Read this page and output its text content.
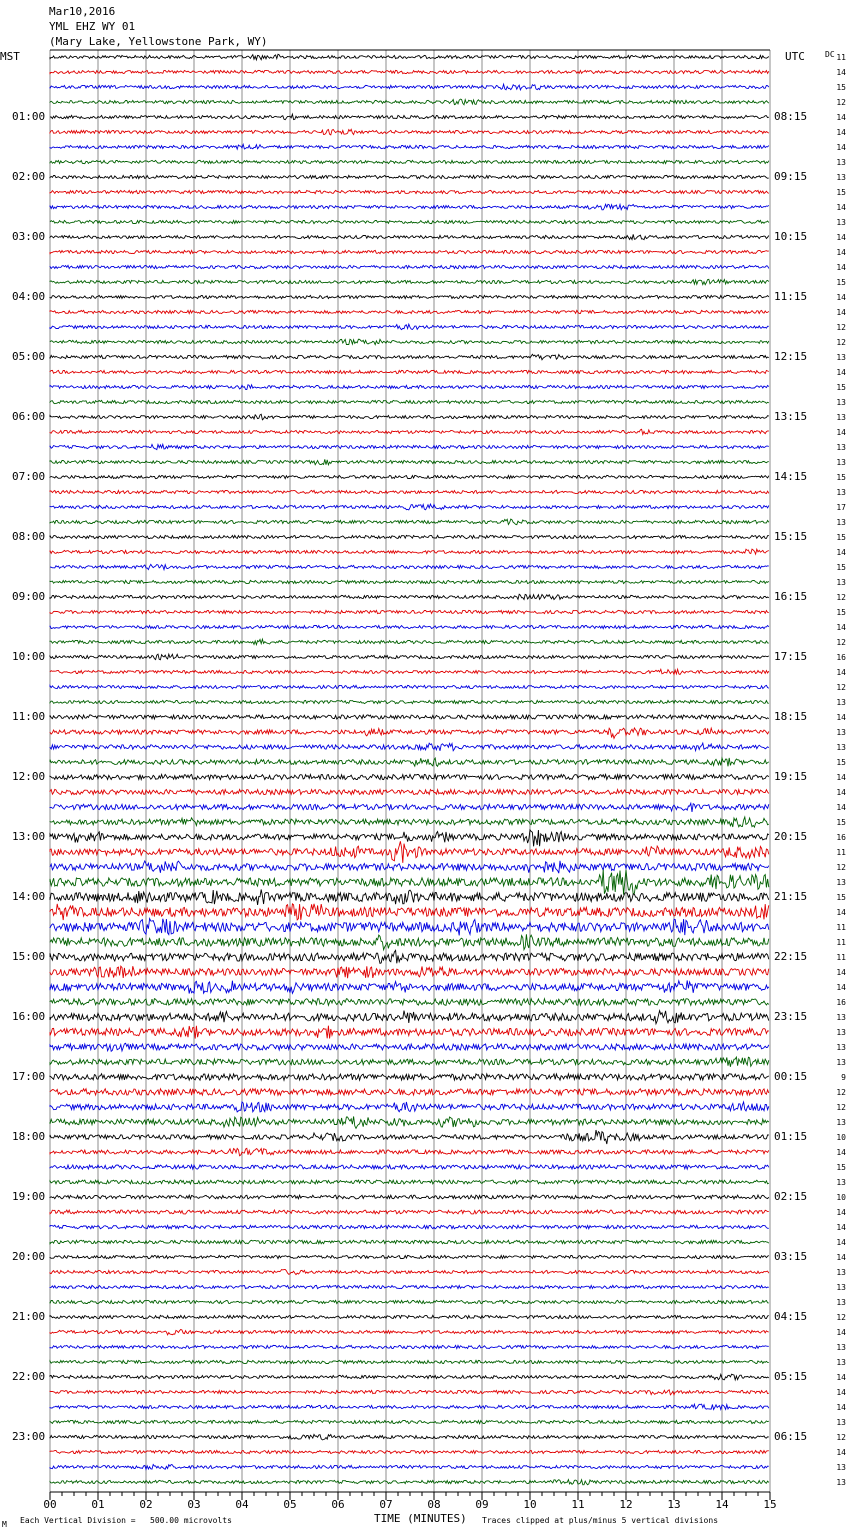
Mar10,2016
YML EHZ WY 01
(Mary Lake, Yellowstone Park, WY)
MST	UTC	DC
00	01	02	03	04	05	06	07	08	09	10	11	12	13	14	15
01:00
02:00
03:00
04:00
05:00
06:00
07:00
08:00
09:00
10:00
11:00
12:00
13:00
14:00
15:00
16:00
17:00
18:00
19:00
20:00
21:00
22:00
23:00
08:15
09:15
10:15
11:15
12:15
13:15
14:15
15:15
16:15
17:15
18:15
19:15
20:15
21:15
22:15
23:15
00:15
01:15
02:15
03:15
04:15
05:15
06:15
11
14
15
12
14
14
14
13
13
15
14
13
14
14
14
15
14
14
12
12
13
14
15
13
13
14
13
13
15
13
17
13
15
14
15
13
12
15
14
12
16
14
12
13
14
13
13
15
14
14
14
15
16
11
12
13
15
14
11
11
11
14
14
16
13
13
13
13
9
12
12
13
10
14
15
13
10
14
14
14
14
13
13
13
12
14
13
13
14
14
14
13
12
14
13
13
M Each Vertical Division =   500.00 microvolts	TIME (MINUTES) Traces clipped at plus/minus 5 vertical divisions
